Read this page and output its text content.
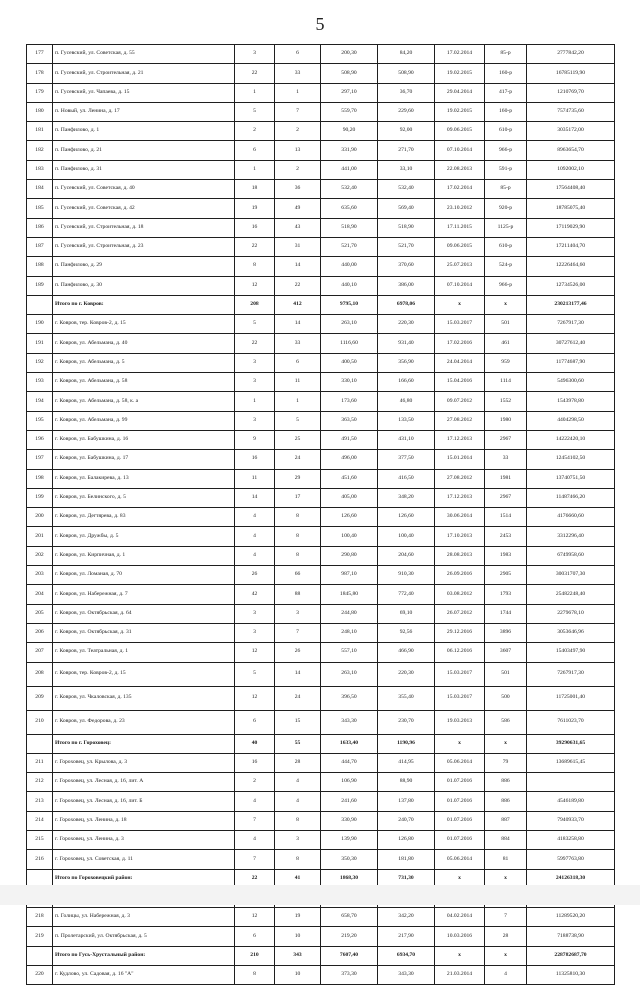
5
177	п. Гусевский, ул. Советская, д. 55	3	6	200,30	84,20	17.02.2014	85-р	2777842,20
178	п. Гусевский, ул. Строительная, д. 21	22	33	508,90	508,90	19.02.2015	160-р	16785119,90
179	п. Гусевский, ул. Чапаева, д. 15	1	1	297,10	36,70	29.04.2014	417-р	1210769,70
180	п. Новый, ул. Ленина, д. 17	5	7	559,70	229,60	19.02.2015	160-р	7574735,60
181	п. Панфилово, д. 1	2	2	90,20	92,00	09.06.2015	610-р	3035172,00
182	п. Панфилово, д. 21	6	13	331,90	271,70	07.10.2014	966-р	8963654,70
183	п. Панфилово, д. 31	1	2	441,00	33,10	22.08.2013	591-р	1092002,10
184	п. Гусевский, ул. Советская, д. 40	18	36	532,40	532,40	17.02.2014	85-р	17564408,40
185	п. Гусевский, ул. Советская, д. 42	19	49	635,60	569,40	23.10.2012	920-р	18785075,40
186	п. Гусевский, ул. Строительная, д. 18	16	43	518,90	518,90	17.11.2015	1125-р	17119029,90
187	п. Гусевский, ул. Строительная, д. 23	22	31	521,70	521,70	09.06.2015	610-р	17211404,70
188	п. Панфилово, д. 29	8	14	440,00	370,60	25.07.2013	524-р	12226464,60
189	п. Панфилово, д. 30	12	22	440,10	386,00	07.10.2014	966-р	12734526,00
	Итого по г. Ковров:	208	412	9795,10	6978,06	х	х	230213177,46
190	г. Ковров, тер. Ковров-2, д. 15	5	14	263,10	220,30	15.03.2017	501	7267917,30
191	г. Ковров, ул. Абельмана, д. 40	22	33	1116,60	931,40	17.02.2016	461	30727612,40
192	г. Ковров, ул. Абельмана, д. 5	3	6	400,50	356,90	24.04.2014	959	11774687,90
193	г. Ковров, ул. Абельмана, д. 58	3	11	330,10	166,60	15.04.2016	1114	5496300,60
194	г. Ковров, ул. Абельмана, д. 58, к. а	1	1	173,60	46,80	09.07.2012	1552	1543978,80
195	г. Ковров, ул. Абельмана, д. 99	3	5	363,50	133,50	27.08.2012	1980	4404298,50
196	г. Ковров, ул. Бабушкина, д. 16	9	25	491,50	431,10	17.12.2013	2967	14222420,10
197	г. Ковров, ул. Бабушкина, д. 17	16	24	496,00	377,50	15.01.2014	33	12454102,50
198	г. Ковров, ул. Балакирева, д. 13	11	29	451,60	416,50	27.08.2012	1981	13740751,50
199	г. Ковров, ул. Белинского, д. 5	14	17	405,00	348,20	17.12.2013	2967	11487466,20
200	г. Ковров, ул. Дегтярева, д. 83	4	8	126,60	126,60	30.06.2014	1514	4176660,60
201	г. Ковров, ул. Дружбы, д. 5	4	8	100,40	100,40	17.10.2013	2453	3312296,40
202	г. Ковров, ул. Кирпичная, д. 1	4	8	290,80	204,60	28.08.2013	1983	6749958,60
203	г. Ковров, ул. Ломаная, д. 70	26	66	987,10	910,30	26.09.2016	2905	30031707,30
204	г. Ковров, ул. Набережная, д. 7	42	88	1845,80	772,40	03.08.2012	1793	25482248,40
205	г. Ковров, ул. Октябрьская, д. 64	3	3	244,80	69,10	26.07.2012	1744	2279678,10
206	г. Ковров, ул. Октябрьская, д. 31	3	7	248,10	92,56	29.12.2016	3896	3053646,96
207	г. Ковров, ул. Театральная, д. 1	12	26	557,10	466,90	06.12.2016	3607	15403497,90
208	г. Ковров, тер. Ковров-2, д. 15	5	14	263,10	220,30	15.03.2017	501	7267917,30
209	г. Ковров, ул. Чкаловская, д. 135	12	24	396,50	355,40	15.03.2017	500	11725001,40
210	г. Ковров, ул. Федорова, д. 23	6	15	343,30	230,70	19.03.2013	586	7611023,70
	Итого по г. Гороховец:	40	55	1633,40	1190,96	х	х	39290631,65
211	г. Гороховец, ул. Крылова, д. 3	16	28	444,70	414,95	05.06.2014	79	13689615,45
212	г. Гороховец, ул. Лесная, д. 16, лит. А	2	4	106,90	88,90	01.07.2016	886	
213	г. Гороховец, ул. Лесная, д. 16, лит. Б	4	4	241,60	137,80	01.07.2016	886	4546189,80
214	г. Гороховец, ул. Ленина, д. 18	7	8	330,90	240,70	01.07.2016	887	7940933,70
215	г. Гороховец, ул. Ленина, д. 3	4	3	139,90	126,80	01.07.2016	884	4183258,80
216	г. Гороховец, ул. Советская, д. 11	7	8	350,30	181,80	05.06.2014	81	5997763,80
	Итого по Гороховецкий район:	22	41	1868,30	731,30	х	х	24126318,30

218	п. Голицы, ул. Набережная, д. 3	12	19	658,70	342,20	04.02.2014	7	11289520,20
219	п. Пролетарский, ул. Октябрьская, д. 5	6	10	219,20	217,90	10.03.2016	28	7188738,90
	Итого по Гусь-Хрустальный район:	210	343	7607,40	6934,70	х	х	228782687,70
220	г. Кудлово, ул. Садовая, д. 16 "А"	8	10	373,30	343,30	21.03.2014	4	11325810,30
